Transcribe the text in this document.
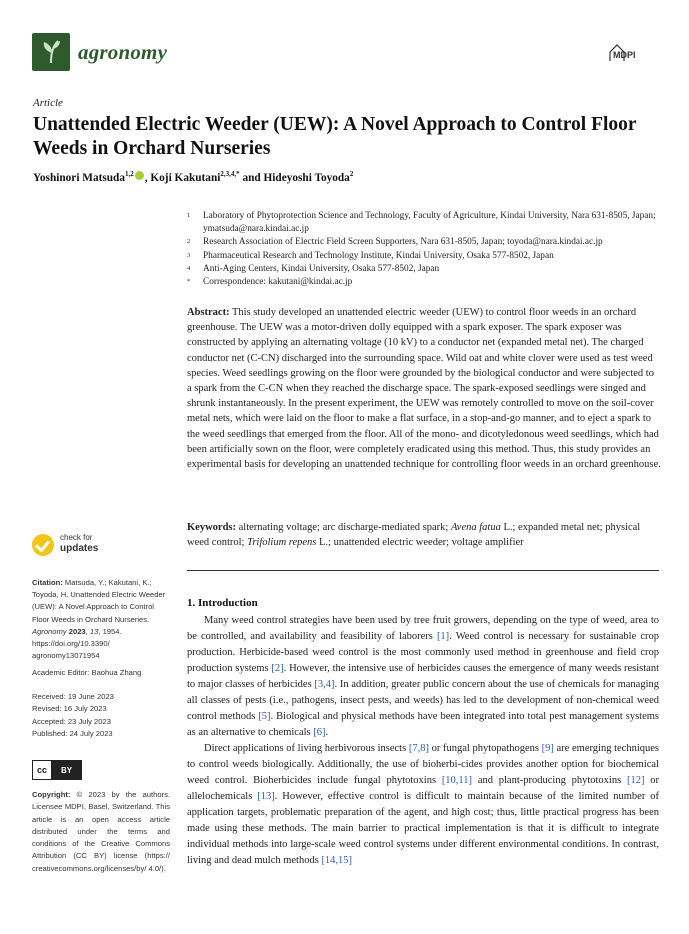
agronomy	MDPI
Article
Unattended Electric Weeder (UEW): A Novel Approach to Control Floor Weeds in Orchard Nurseries
Yoshinori Matsuda$^{1,2}$ , Koji Kakutani$^{2,3,4,*}$ and Hideyoshi Toyoda$^2$
1 Laboratory of Phytoprotection Science and Technology, Faculty of Agriculture, Kindai University, Nara 631-8505, Japan; ymatsuda@nara.kindai.ac.jp
2 Research Association of Electric Field Screen Supporters, Nara 631-8505, Japan; toyoda@nara.kindai.ac.jp
3 Pharmaceutical Research and Technology Institute, Kindai University, Osaka 577-8502, Japan
4 Anti-Aging Centers, Kindai University, Osaka 577-8502, Japan
* Correspondence: kakutani@kindai.ac.jp
Abstract: This study developed an unattended electric weeder (UEW) to control floor weeds in an orchard greenhouse. The UEW was a motor-driven dolly equipped with a spark exposer. The spark exposer was constructed by applying an alternating voltage (10 kV) to a conductor net (expanded metal net). The charged conductor net (C-CN) discharged into the surrounding space. Wild oat and white clover were used as test weed species. Weed seedlings growing on the floor were grounded by the biological conductor and were subjected to a spark from the C-CN when they reached the discharge space. The spark-exposed seedlings were singed and shrunk instantaneously. In the present experiment, the UEW was remotely controlled to move on the soil-cover metal nets, which were laid on the floor to make a flat surface, in a stop-and-go manner, and to eject a spark to the weed seedlings that emerged from the floor. All of the mono- and dicotyledonous weed seedlings, which had been artificially sown on the floor, were completely eradicated using this method. Thus, this study provides an experimental basis for developing an unattended technique for controlling floor weeds in an orchard greenhouse.
Keywords: alternating voltage; arc discharge-mediated spark; Avena fatua L.; expanded metal net; physical weed control; Trifolium repens L.; unattended electric weeder; voltage amplifier
check for
updates
Citation: Matsuda, Y.; Kakutani, K.; Toyoda, H. Unattended Electric Weeder (UEW): A Novel Approach to Control Floor Weeds in Orchard Nurseries. Agronomy 2023, 13, 1954. https://doi.org/10.3390/ agronomy13071954
Academic Editor: Baohua Zhang
Received: 19 June 2023
Revised: 16 July 2023
Accepted: 23 July 2023
Published: 24 July 2023
cc	BY
Copyright: © 2023 by the authors. Licensee MDPI, Basel, Switzerland. This article is an open access article distributed under the terms and conditions of the Creative Commons Attribution (CC BY) license (https:// creativecommons.org/licenses/by/ 4.0/).
1. Introduction

Many weed control strategies have been used by tree fruit growers, depending on the type of weed, area to be controlled, and availability and feasibility of laborers [1]. Weed control is necessary for sustainable crop production. Herbicide-based weed control is the most commonly used method in greenhouse and field crop production systems [2]. However, the intensive use of herbicides causes the emergence of many weeds resistant to major classes of herbicides [3,4]. In addition, greater public concern about the use of chemicals for managing all classes of pests (i.e., pathogens, insect pests, and weeds) has led to the development of non-chemical weed control methods [5]. Biological and physical methods have been integrated into total pest management systems as an alternative to chemicals [6].

Direct applications of living herbivorous insects [7,8] or fungal phytopathogens [9] are emerging techniques to control weeds biologically. Additionally, the use of bioherbi-cides provides another option for biochemical weed control. Bioherbicides include fungal phytotoxins [10,11] and plant-producing phytotoxins [12] or allelochemicals [13]. However, effective control is difficult to maintain because of the limited number of application targets, problematic preparation of the agent, and high cost; thus, little practical progress has been made using these methods. The main barrier to practical implementation is that it is difficult to integrate individual methods into large-scale weed control systems under different environmental conditions. In contrast, living and dead mulch methods [14,15]
